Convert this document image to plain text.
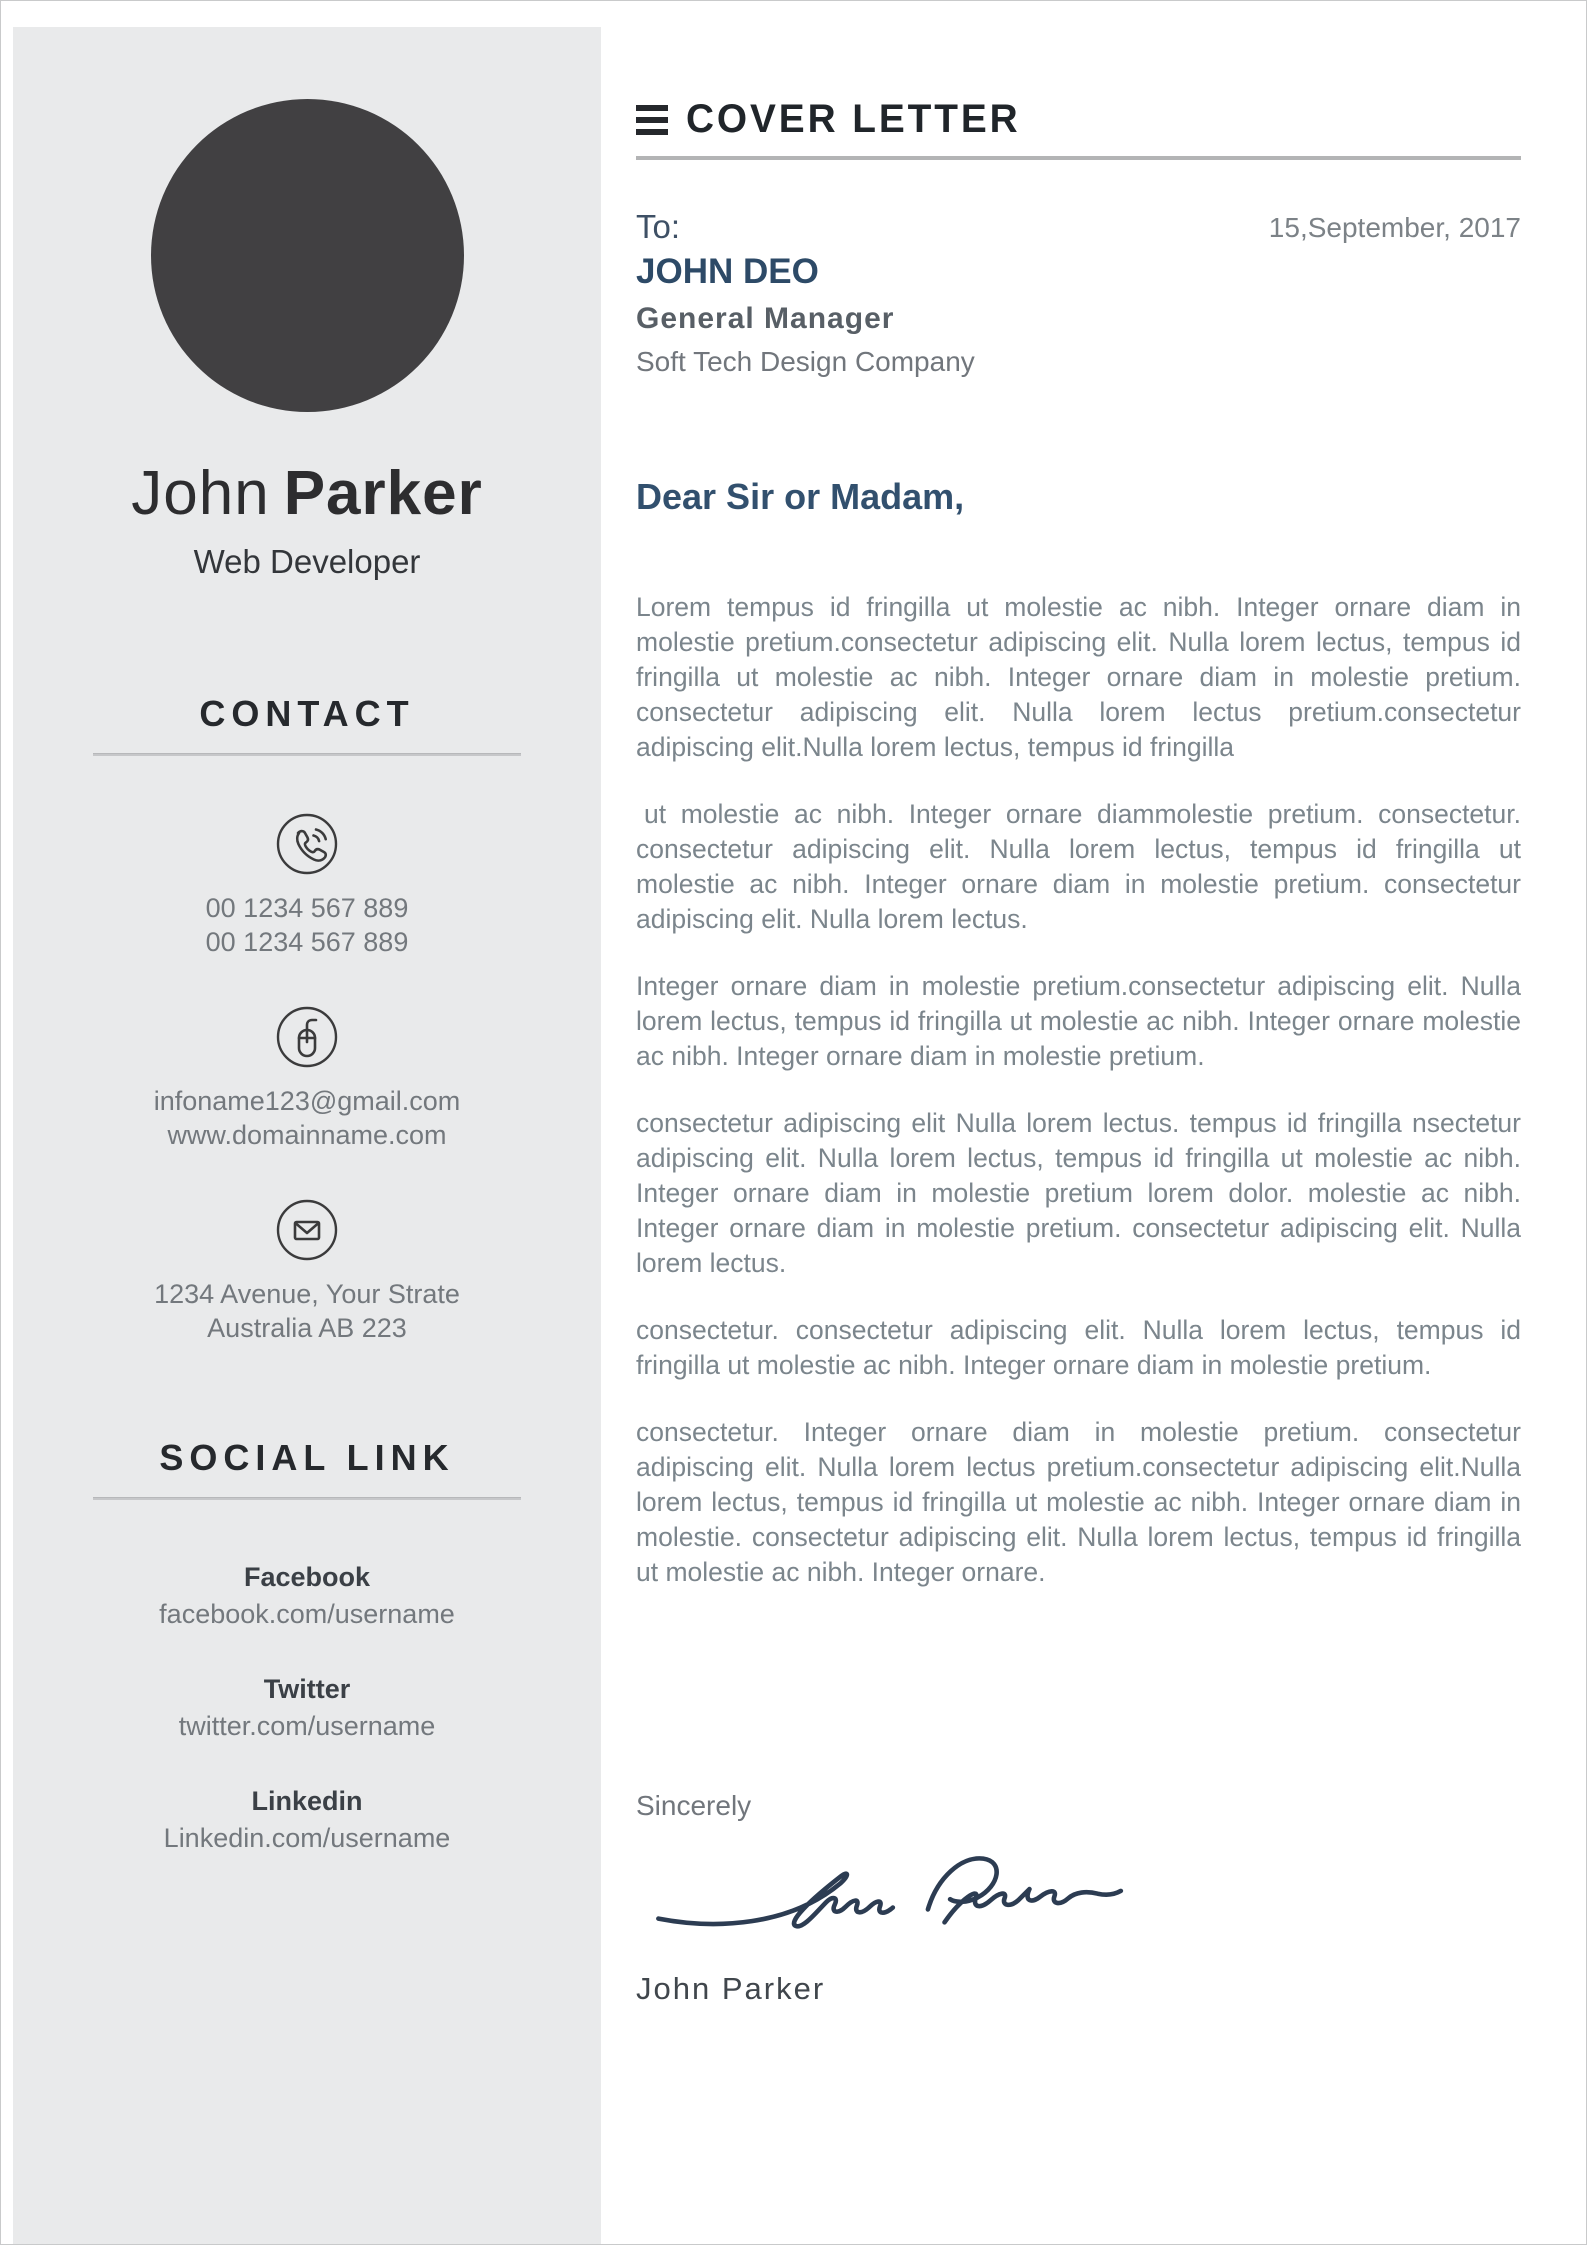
John Parker
Web Developer
CONTACT
00 1234 567 889
00 1234 567 889
infoname123@gmail.com
www.domainname.com
1234 Avenue, Your Strate
Australia AB 223
SOCIAL LINK
Facebook
facebook.com/username
Twitter
twitter.com/username
Linkedin
Linkedin.com/username
COVER LETTER
To:
JOHN DEO
General Manager
Soft Tech Design Company
15,September, 2017
Dear Sir or Madam,

Lorem tempus id fringilla ut molestie ac nibh. Integer ornare diam in molestie pretium.consectetur adipiscing elit. Nulla lorem lectus, tempus id fringilla ut molestie ac nibh. Integer ornare diam in molestie pretium. consectetur adipiscing elit. Nulla lorem lectus pretium.consectetur adipiscing elit.Nulla lorem lectus, tempus id fringilla

ut molestie ac nibh. Integer ornare diammolestie pretium. consectetur. consectetur adipiscing elit. Nulla lorem lectus, tempus id fringilla ut molestie ac nibh. Integer ornare diam in molestie pretium. consectetur adipiscing elit. Nulla lorem lectus.

Integer ornare diam in molestie pretium.consectetur adipiscing elit. Nulla lorem lectus, tempus id fringilla ut molestie ac nibh. Integer ornare molestie ac nibh. Integer ornare diam in molestie pretium.

consectetur adipiscing elit Nulla lorem lectus. tempus id fringilla nsectetur adipiscing elit. Nulla lorem lectus, tempus id fringilla ut molestie ac nibh. Integer ornare diam in molestie pretium lorem dolor. molestie ac nibh. Integer ornare diam in molestie pretium. consectetur adipiscing elit. Nulla lorem lectus.

consectetur. consectetur adipiscing elit. Nulla lorem lectus, tempus id fringilla ut molestie ac nibh. Integer ornare diam in molestie pretium.

consectetur. Integer ornare diam in molestie pretium. consectetur adipiscing elit. Nulla lorem lectus pretium.consectetur adipiscing elit.Nulla lorem lectus, tempus id fringilla ut molestie ac nibh. Integer ornare diam in molestie. consectetur adipiscing elit. Nulla lorem lectus, tempus id fringilla ut molestie ac nibh. Integer ornare.

Sincerely
John Parker
